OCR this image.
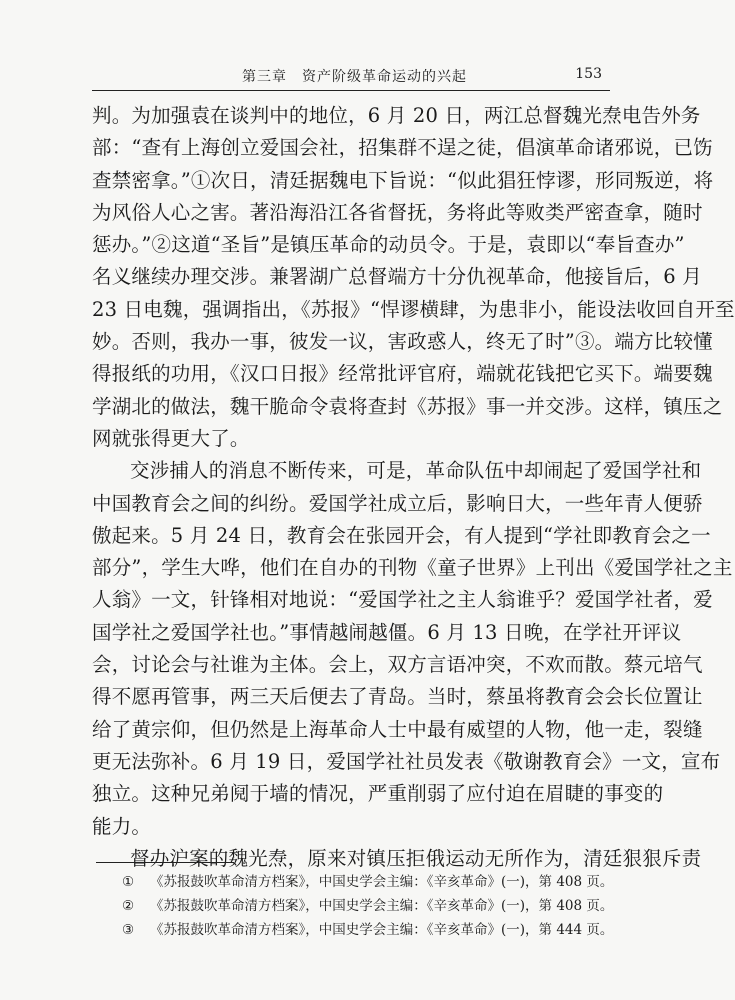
第三章　资产阶级革命运动的兴起	153

判。为加强袁在谈判中的地位，6 月 20 日，两江总督魏光焘电告外务

部：“查有上海创立爱国会社，招集群不逞之徒，倡演革命诸邪说，已饬

查禁密拿。”①次日，清廷据魏电下旨说：“似此猖狂悖谬，形同叛逆，将

为风俗人心之害。著沿海沿江各省督抚，务将此等败类严密查拿，随时

惩办。”②这道“圣旨”是镇压革命的动员令。于是，袁即以“奉旨查办”

名义继续办理交涉。兼署湖广总督端方十分仇视革命，他接旨后，6 月

23 日电魏，强调指出，《苏报》“悍谬横肆，为患非小，能设法收回自开至

妙。否则，我办一事，彼发一议，害政惑人，终无了时”③。端方比较懂

得报纸的功用，《汉口日报》经常批评官府，端就花钱把它买下。端要魏

学湖北的做法，魏干脆命令袁将查封《苏报》事一并交涉。这样，镇压之

网就张得更大了。

交涉捕人的消息不断传来，可是，革命队伍中却闹起了爱国学社和

中国教育会之间的纠纷。爱国学社成立后，影响日大，一些年青人便骄

傲起来。5 月 24 日，教育会在张园开会，有人提到“学社即教育会之一

部分”，学生大哗，他们在自办的刊物《童子世界》上刊出《爱国学社之主

人翁》一文，针锋相对地说：“爱国学社之主人翁谁乎？爱国学社者，爱

国学社之爱国学社也。”事情越闹越僵。6 月 13 日晚，在学社开评议

会，讨论会与社谁为主体。会上，双方言语冲突，不欢而散。蔡元培气

得不愿再管事，两三天后便去了青岛。当时，蔡虽将教育会会长位置让

给了黄宗仰，但仍然是上海革命人士中最有威望的人物，他一走，裂缝

更无法弥补。6 月 19 日，爱国学社社员发表《敬谢教育会》一文，宣布

独立。这种兄弟阋于墙的情况，严重削弱了应付迫在眉睫的事变的

能力。

督办沪案的魏光焘，原来对镇压拒俄运动无所作为，清廷狠狠斥责

① 《苏报鼓吹革命清方档案》，中国史学会主编：《辛亥革命》(一)，第 408 页。
② 《苏报鼓吹革命清方档案》，中国史学会主编：《辛亥革命》(一)，第 408 页。
③ 《苏报鼓吹革命清方档案》，中国史学会主编：《辛亥革命》(一)，第 444 页。
